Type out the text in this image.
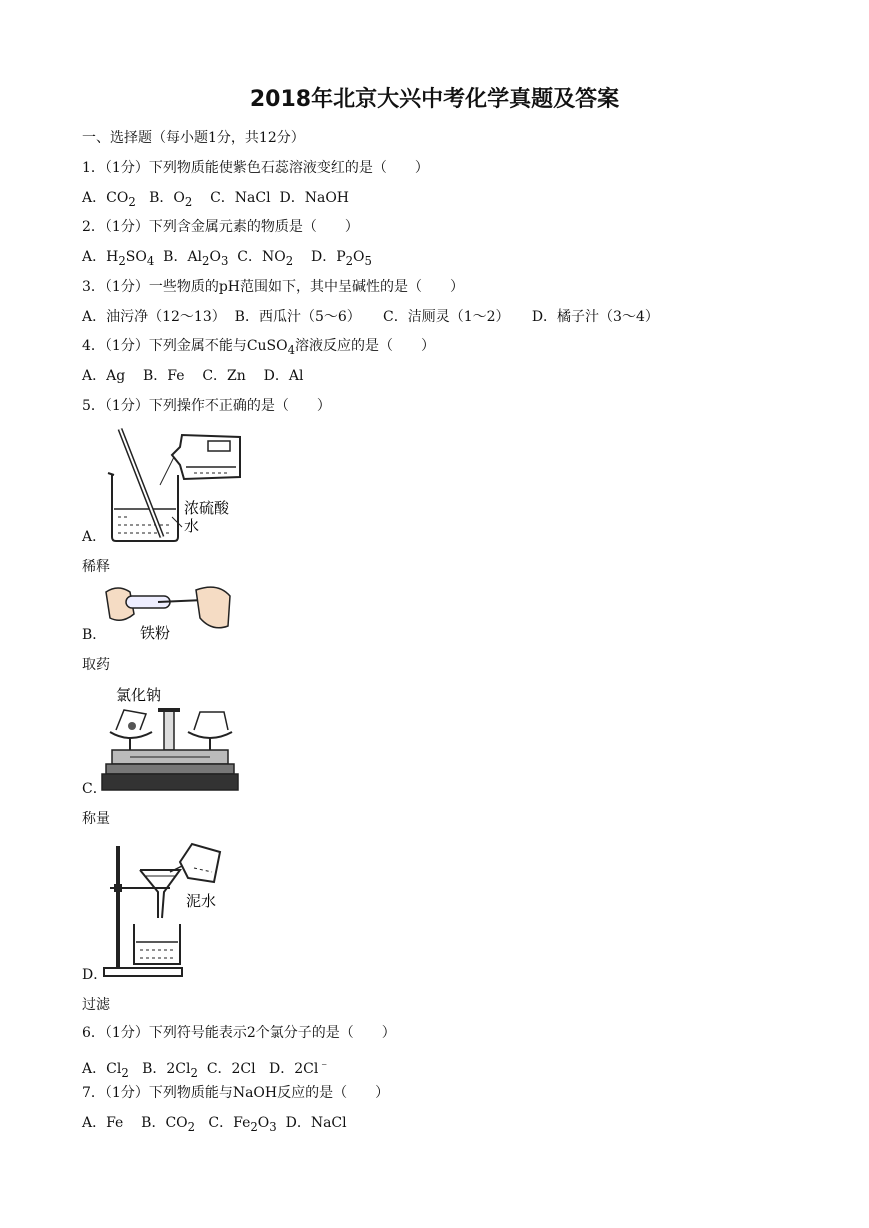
2018年北京大兴中考化学真题及答案
一、选择题（每小题1分，共12分）
1．（1分）下列物质能使紫色石蕊溶液变红的是（　　）
A．$CO_2$ B．$O_2$ C．NaCl D．NaOH
2．（1分）下列含金属元素的物质是（　　）
A．$H_2SO_4$ B．$Al_2O_3$ C．$NO_2$ D．$P_2O_5$
3．（1分）一些物质的pH范围如下，其中呈碱性的是（　　）
A．油污净（12～13） B．西瓜汁（5～6） C．洁厕灵（1～2） D．橘子汁（3～4）
4．（1分）下列金属不能与CuSO$_4$溶液反应的是（　　）
A．Ag B．Fe C．Zn D．Al
5．（1分）下列操作不正确的是（　　）
浓硫酸
水
A．
稀释
铁粉
B．
取药
氯化钠
C．
称量
泥水
D．
过滤
6．（1分）下列符号能表示2个氯分子的是（　　）
A．$Cl_2$ B．$2Cl_2$ C．2Cl D．2Cl﹣
7．（1分）下列物质能与NaOH反应的是（　　）
A．Fe B．$CO_2$ C．$Fe_2O_3$ D．NaCl
